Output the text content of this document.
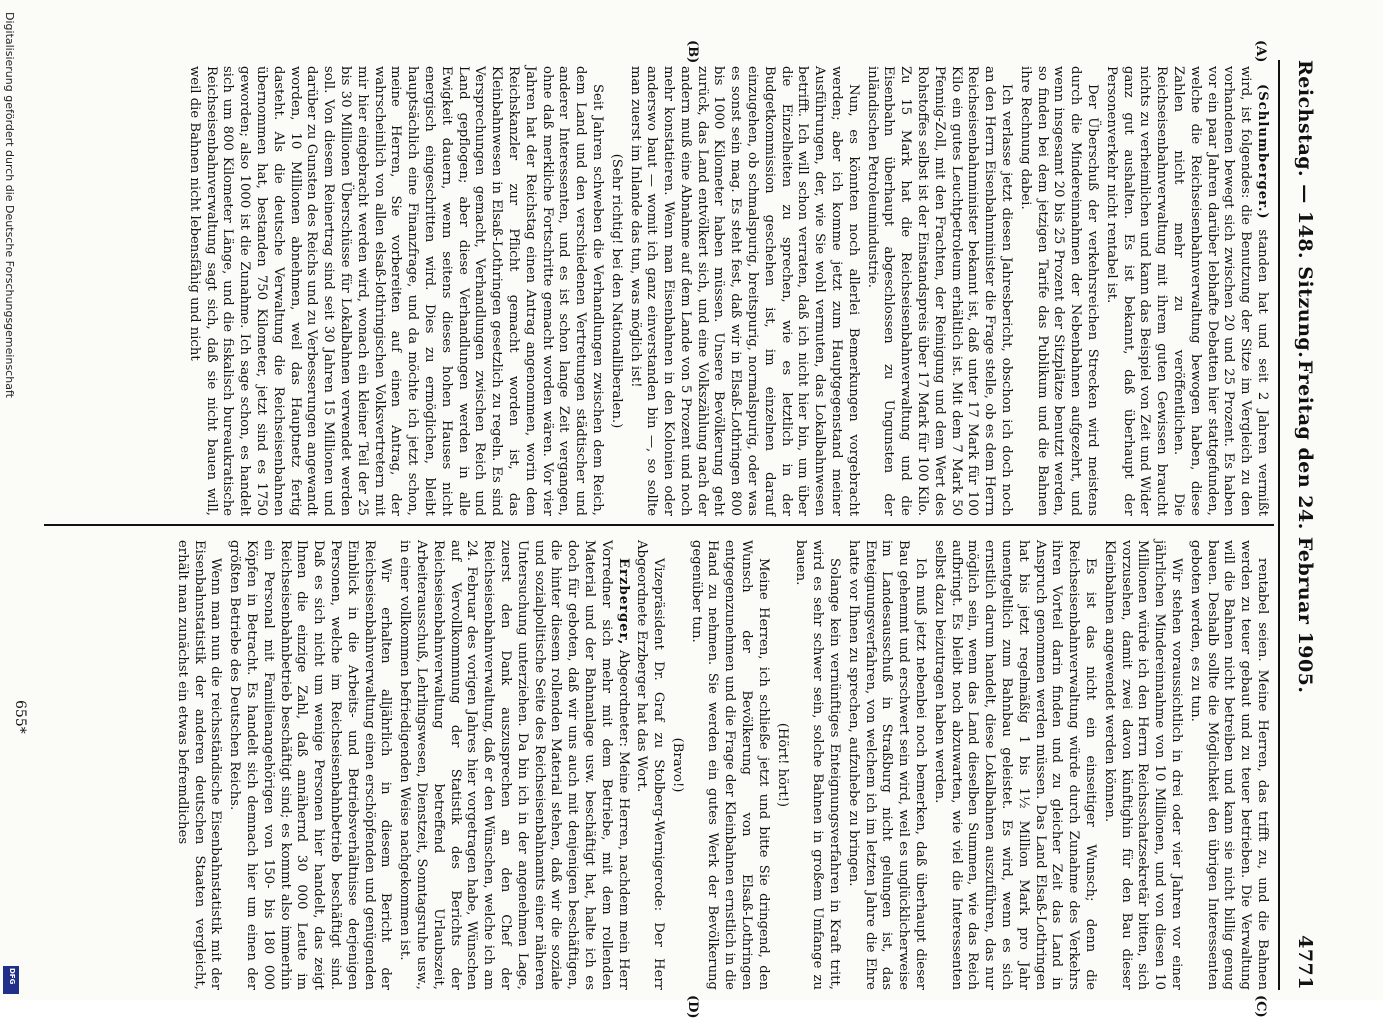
Digitalisierung gefördert durch die Deutsche Forschungsgemeinschaft
DFG
Reichstag. — 148. Sitzung.
Freitag den 24. Februar 1905.
4771
(A)
(B)
(C)
(D)

(Schlumberger.) standen hat und seit 2 Jahren vermißt wird, ist folgendes: die Benutzung der Sitze im Vergleich zu den vorhandenen bewegt sich zwischen 20 und 25 Prozent. Es haben vor ein paar Jahren darüber lebhafte Debatten hier stattgefunden, welche die Reichseisenbahnverwaltung bewogen haben, diese Zahlen nicht mehr zu veröffentlichen. Die Reichseisenbahnverwaltung mit ihrem guten Gewissen braucht nichts zu verheimlichen und kann das Beispiel von Zeit und Wider ganz gut aushalten. Es ist bekannt, daß überhaupt der Personenverkehr nicht rentabel ist.

Der Überschuß der verkehrsreichen Strecken wird meistens durch die Mindereinnahmen der Nebenbahnen aufgezehrt, und wenn insgesamt 20 bis 25 Prozent der Sitzplätze benutzt werden, so finden bei dem jetzigen Tarife das Publikum und die Bahnen ihre Rechnung dabei.

Ich verlasse jetzt diesen Jahresbericht, obschon ich doch noch an den Herrn Eisenbahnminister die Frage stelle, ob es dem Herrn Reichseisenbahnminister bekannt ist, daß unter 17 Mark für 100 Kilo ein gutes Leuchtpetroleum erhältlich ist. Mit dem 7 Mark 50 Pfennig-Zoll, mit den Frachten, der Reinigung und dem Wert des Rohstoffes selbst ist der Einstandspreis über 17 Mark für 100 Kilo. Zu 15 Mark hat die Reichseisenbahnverwaltung und die Eisenbahn überhaupt abgeschlossen zu Ungunsten der inländischen Petroleumindustrie.

Nun, es könnten noch allerlei Bemerkungen vorgebracht werden; aber ich komme jetzt zum Hauptgegenstand meiner Ausführungen, der, wie Sie wohl vermuten, das Lokalbahnwesen betrifft. Ich will schon verraten, daß ich nicht hier bin, um über die Einzelheiten zu sprechen, wie es letztlich in der Budgetkommission geschehen ist, im einzelnen darauf einzugehen, ob schmalspurig, breitspurig, normalspurig, oder was es sonst sein mag. Es steht fest, daß wir in Elsaß-Lothringen 800 bis 1000 Kilometer haben müssen. Unsere Bevölkerung geht zurück, das Land entvölkert sich, und eine Volkszählung nach der andern muß eine Abnahme auf dem Lande von 5 Prozent und noch mehr konstatieren. Wenn man Eisenbahnen in den Kolonien oder anderswo baut — womit ich ganz einverstanden bin —, so sollte man zuerst im Inlande das tun, was möglich ist!

(Sehr richtig! bei den Nationalliberalen.)

Seit Jahren schweben die Verhandlungen zwischen dem Reich, dem Land und den verschiedenen Vertretungen städtischer und anderer Interessenten, und es ist schon lange Zeit vergangen, ohne daß merkliche Fortschritte gemacht worden wären. Vor vier Jahren hat der Reichstag einen Antrag angenommen, worin dem Reichskanzler zur Pflicht gemacht worden ist, das Kleinbahnwesen in Elsaß-Lothringen gesetzlich zu regeln. Es sind Versprechungen gemacht, Verhandlungen zwischen Reich und Land gepflogen; aber diese Verhandlungen werden in alle Ewigkeit dauern, wenn seitens dieses hohen Hauses nicht energisch eingeschritten wird. Dies zu ermöglichen, bleibt hauptsächlich eine Finanzfrage, und da möchte ich jetzt schon, meine Herren, Sie vorbereiten auf einen Antrag, der wahrscheinlich von allen elsaß-lothringischen Volksvertretern mit mir hier eingebracht werden wird, wonach ein kleiner Teil der 25 bis 30 Millionen Überschüsse für Lokalbahnen verwendet werden soll. Von diesem Reinertrag sind seit 30 Jahren 15 Millionen und darüber zu Gunsten des Reichs und zu Verbesserungen angewandt worden, 10 Millionen abnehmen, weil das Hauptnetz fertig dasteht. Als die deutsche Verwaltung die Reichseisenbahnen übernommen hat, bestanden 750 Kilometer, jetzt sind es 1750 geworden; also 1000 ist die Zunahme. Ich sage schon, es handelt sich um 800 Kilometer Länge, und die fiskalisch bureaukratische Reichseisenbahnverwaltung sagt sich, daß sie nicht bauen will, weil die Bahnen nicht lebensfähig und nicht

rentabel seien. Meine Herren, das trifft zu, und die Bahnen werden zu teuer gebaut und zu teuer betrieben. Die Verwaltung will die Bahnen nicht betreiben und kann sie nicht billig genug bauen. Deshalb sollte die Möglichkeit den übrigen Interessenten geboten werden, es zu tun.

Wir stehen voraussichtlich in drei oder vier Jahren vor einer jährlichen Mindereinnahme von 10 Millionen, und von diesen 10 Millionen würde ich den Herrn Reichsschatzsekretär bitten, sich vorzusehen, damit zwei davon künftighin für den Bau dieser Kleinbahnen angewendet werden können.

Es ist das nicht ein einseitiger Wunsch; denn die Reichseisenbahnverwaltung würde durch Zunahme des Verkehrs ihren Vorteil darin finden und zu gleicher Zeit das Land in Anspruch genommen werden müssen. Das Land Elsaß-Lothringen hat bis jetzt regelmäßig 1 bis 1½ Million Mark pro Jahr unentgeltlich zum Bahnbau geleistet. Es wird, wenn es sich ernstlich darum handelt, diese Lokalbahnen auszuführen, das nur möglich sein, wenn das Land dieselben Summen, wie das Reich aufbringt. Es bleibt noch abzuwarten, wie viel die Interessenten selbst dazu beizutragen haben werden.

Ich muß jetzt nebenbei noch bemerken, daß überhaupt dieser Bau gehemmt und erschwert sein wird, weil es unglücklicherweise im Landesausschuß in Straßburg nicht gelungen ist, das Enteignungsverfahren, von welchem ich im letzten Jahre die Ehre hatte vor Ihnen zu sprechen, aufzuhebe zu bringen.

Solange kein vernünftiges Enteignungsverfahren in Kraft tritt, wird es sehr schwer sein, solche Bahnen in großem Umfange zu bauen.

(Hört! hört!)

Meine Herren, ich schließe jetzt und bitte Sie dringend, den Wunsch der Bevölkerung von Elsaß-Lothringen entgegenzunehmen und die Frage der Kleinbahnen ernstlich in die Hand zu nehmen. Sie werden ein gutes Werk der Bevölkerung gegenüber tun.

(Bravo!)

Vizepräsident Dr. Graf zu Stolberg-Wernigerode: Der Herr Abgeordnete Erzberger hat das Wort.

Erzberger, Abgeordneter: Meine Herren, nachdem mein Herr Vorredner sich mehr mit dem Betriebe, mit dem rollenden Material und der Bahnanlage usw. beschäftigt hat, halte ich es doch für geboten, daß wir uns auch mit denjenigen beschäftigen, die hinter diesem rollenden Material stehen, daß wir die soziale und sozialpolitische Seite des Reichseisenbahnamts einer näheren Untersuchung unterziehen. Da bin ich in der angenehmen Lage, zuerst den Dank auszusprechen an den Chef der Reichseisenbahnverwaltung, daß er den Wünschen, welche ich am 24. Februar des vorigen Jahres hier vorgetragen habe, Wünschen auf Vervollkommnung der Statistik des Berichts der Reichseisenbahnverwaltung betreffend Urlaubszeit, Arbeiterausschuß, Lehrlingswesen, Dienstzeit, Sonntagsruhe usw., in einer vollkommen befriedigenden Weise nachgekommen ist.

Wir erhalten alljährlich in diesem Bericht der Reichseisenbahnverwaltung einen erschöpfenden und genügenden Einblick in die Arbeits- und Betriebsverhältnisse derjenigen Personen, welche im Reichseisenbahnbetrieb beschäftigt sind. Daß es sich nicht um wenige Personen hier handelt, das zeigt Ihnen die einzige Zahl, daß annähernd 30 000 Leute im Reichseisenbahnbetrieb beschäftigt sind; es kommt also immerhin ein Personal mit Familienangehörigen von 150- bis 180 000 Köpfen in Betracht. Es handelt sich demnach hier um einen der größten Betriebe des Deutschen Reichs.

Wenn man nun die reichsständische Eisenbahnstatistik mit der Eisenbahnstatistik der anderen deutschen Staaten vergleicht, erhält man zunächst ein etwas befremdliches

655*
